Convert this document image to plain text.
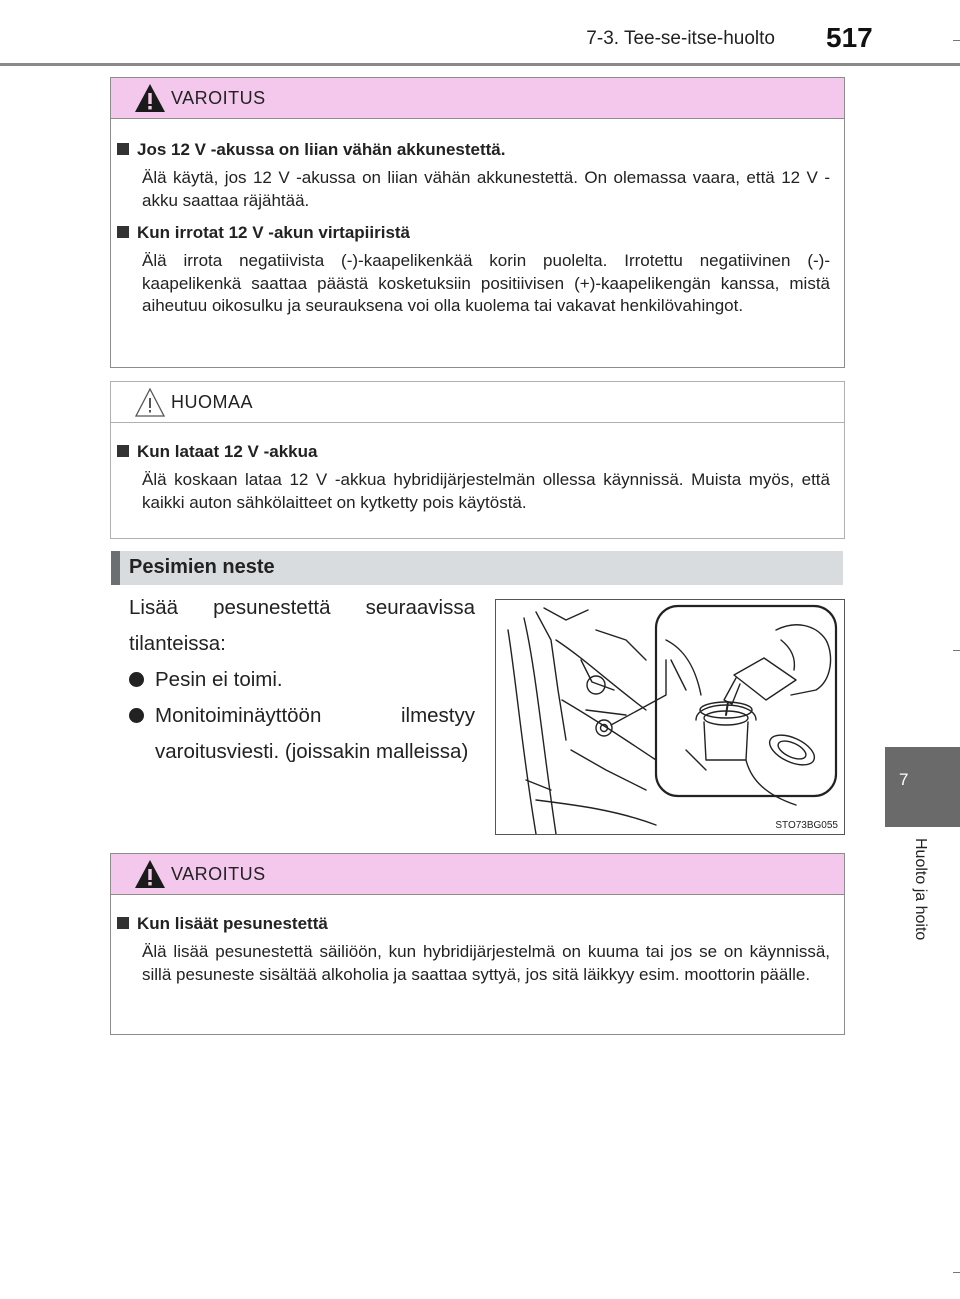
7-3. Tee-se-itse-huolto 517
7
Huolto ja hoito
VAROITUS
Jos 12 V -akussa on liian vähän akkunestettä.
Älä käytä, jos 12 V -akussa on liian vähän akkunestettä. On olemassa vaara, että 12 V -akku saattaa räjähtää.
Kun irrotat 12 V -akun virtapiiristä
Älä irrota negatiivista (-)-kaapelikenkää korin puolelta. Irrotettu negatiivinen (-)-kaapelikenkä saattaa päästä kosketuksiin positiivisen (+)-kaapelikengän kanssa, mistä aiheutuu oikosulku ja seurauksena voi olla kuolema tai vakavat henkilövahingot.
HUOMAA
Kun lataat 12 V -akkua
Älä koskaan lataa 12 V -akkua hybridijärjestelmän ollessa käynnissä. Muista myös, että kaikki auton sähkölaitteet on kytketty pois käytöstä.
Pesimien neste
Lisää pesunestettä seuraavissa tilanteissa:
Pesin ei toimi.
Monitoiminäyttöön ilmestyy varoitusviesti. (joissakin malleissa)
STO73BG055
VAROITUS
Kun lisäät pesunestettä
Älä lisää pesunestettä säiliöön, kun hybridijärjestelmä on kuuma tai jos se on käynnissä, sillä pesuneste sisältää alkoholia ja saattaa syttyä, jos sitä läikkyy esim. moottorin päälle.
